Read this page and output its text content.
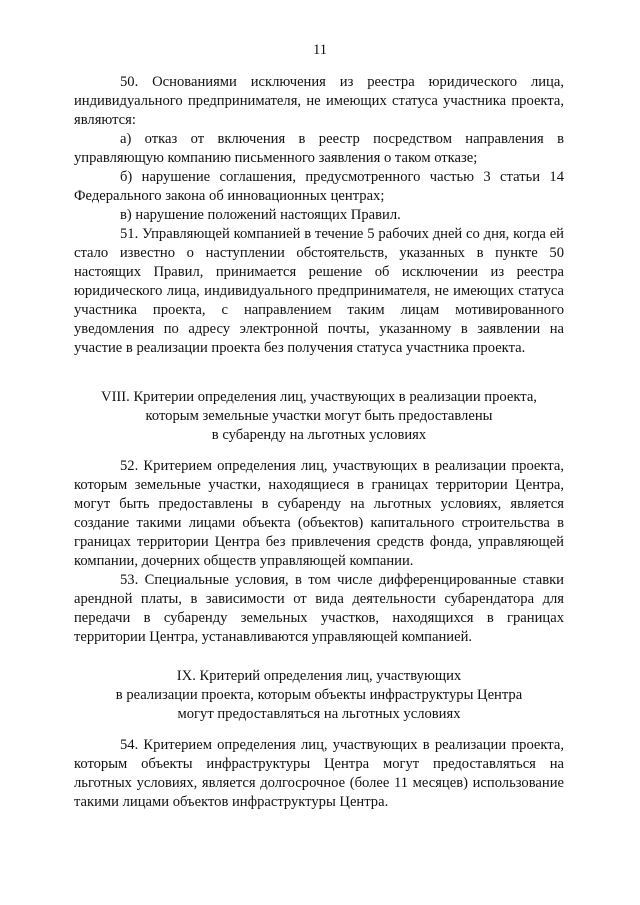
11

50. Основаниями исключения из реестра юридического лица, индивидуального предпринимателя, не имеющих статуса участника проекта, являются:

а) отказ от включения в реестр посредством направления в управляющую компанию письменного заявления о таком отказе;

б) нарушение соглашения, предусмотренного частью 3 статьи 14 Федерального закона об инновационных центрах;

в) нарушение положений настоящих Правил.

51. Управляющей компанией в течение 5 рабочих дней со дня, когда ей стало известно о наступлении обстоятельств, указанных в пункте 50 настоящих Правил, принимается решение об исключении из реестра юридического лица, индивидуального предпринимателя, не имеющих статуса участника проекта, с направлением таким лицам мотивированного уведомления по адресу электронной почты, указанному в заявлении на участие в реализации проекта без получения статуса участника проекта.

VIII. Критерии определения лиц, участвующих в реализации проекта,
которым земельные участки могут быть предоставлены
в субаренду на льготных условиях

52. Критерием определения лиц, участвующих в реализации проекта, которым земельные участки, находящиеся в границах территории Центра, могут быть предоставлены в субаренду на льготных условиях, является создание такими лицами объекта (объектов) капитального строительства в границах территории Центра без привлечения средств фонда, управляющей компании, дочерних обществ управляющей компании.

53. Специальные условия, в том числе дифференцированные ставки арендной платы, в зависимости от вида деятельности субарендатора для передачи в субаренду земельных участков, находящихся в границах территории Центра, устанавливаются управляющей компанией.

IX. Критерий определения лиц, участвующих
в реализации проекта, которым объекты инфраструктуры Центра
могут предоставляться на льготных условиях

54. Критерием определения лиц, участвующих в реализации проекта, которым объекты инфраструктуры Центра могут предоставляться на льготных условиях, является долгосрочное (более 11 месяцев) использование такими лицами объектов инфраструктуры Центра.
